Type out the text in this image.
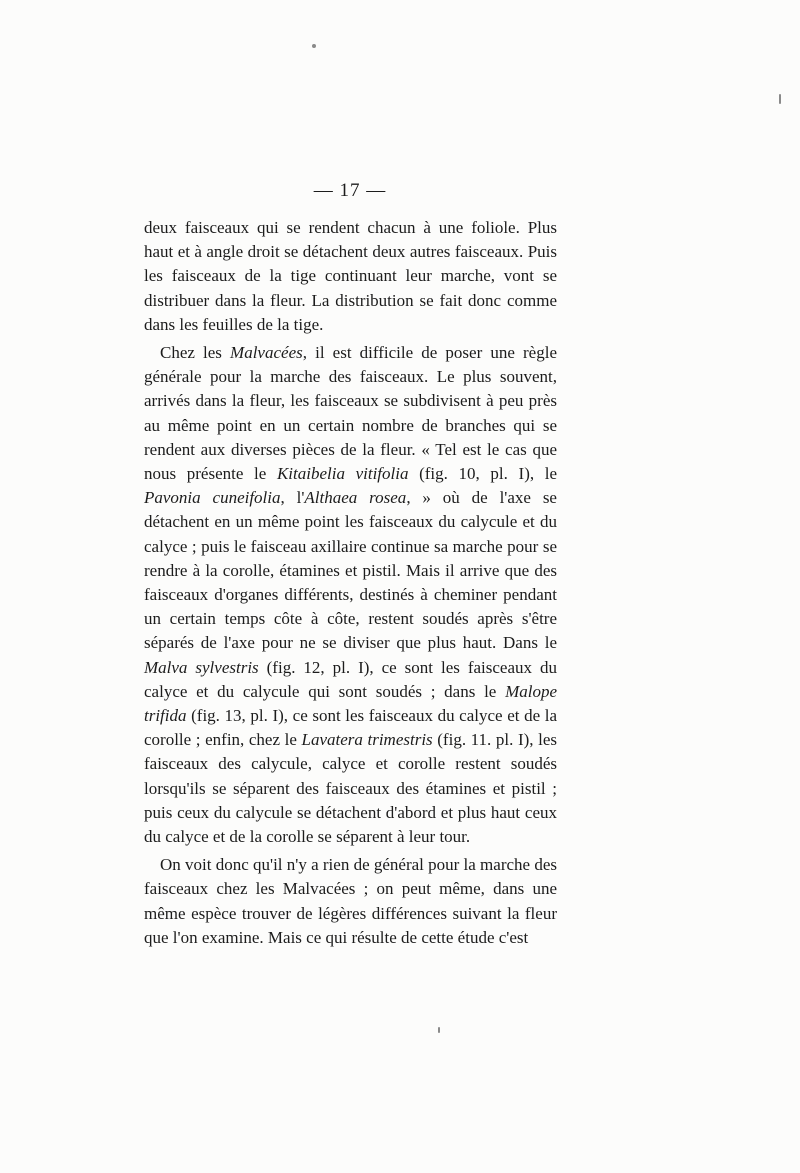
— 17 —

deux faisceaux qui se rendent chacun à une foliole. Plus haut et à angle droit se détachent deux autres faisceaux. Puis les faisceaux de la tige continuant leur marche, vont se distribuer dans la fleur. La distribution se fait donc comme dans les feuilles de la tige.

Chez les Malvacées, il est difficile de poser une règle générale pour la marche des faisceaux. Le plus souvent, arrivés dans la fleur, les faisceaux se subdivisent à peu près au même point en un certain nombre de branches qui se rendent aux diverses pièces de la fleur. « Tel est le cas que nous présente le Kitaibelia vitifolia (fig. 10, pl. I), le Pavonia cuneifolia, l'Althaea rosea, » où de l'axe se détachent en un même point les faisceaux du calycule et du calyce ; puis le faisceau axillaire continue sa marche pour se rendre à la corolle, étamines et pistil. Mais il arrive que des faisceaux d'organes différents, destinés à cheminer pendant un certain temps côte à côte, restent soudés après s'être séparés de l'axe pour ne se diviser que plus haut. Dans le Malva sylvestris (fig. 12, pl. I), ce sont les faisceaux du calyce et du calycule qui sont soudés ; dans le Malope trifida (fig. 13, pl. I), ce sont les faisceaux du calyce et de la corolle ; enfin, chez le Lavatera trimestris (fig. 11. pl. I), les faisceaux des calycule, calyce et corolle restent soudés lorsqu'ils se séparent des faisceaux des étamines et pistil ; puis ceux du calycule se détachent d'abord et plus haut ceux du calyce et de la corolle se séparent à leur tour.

On voit donc qu'il n'y a rien de général pour la marche des faisceaux chez les Malvacées ; on peut même, dans une même espèce trouver de légères différences suivant la fleur que l'on examine. Mais ce qui résulte de cette étude c'est
